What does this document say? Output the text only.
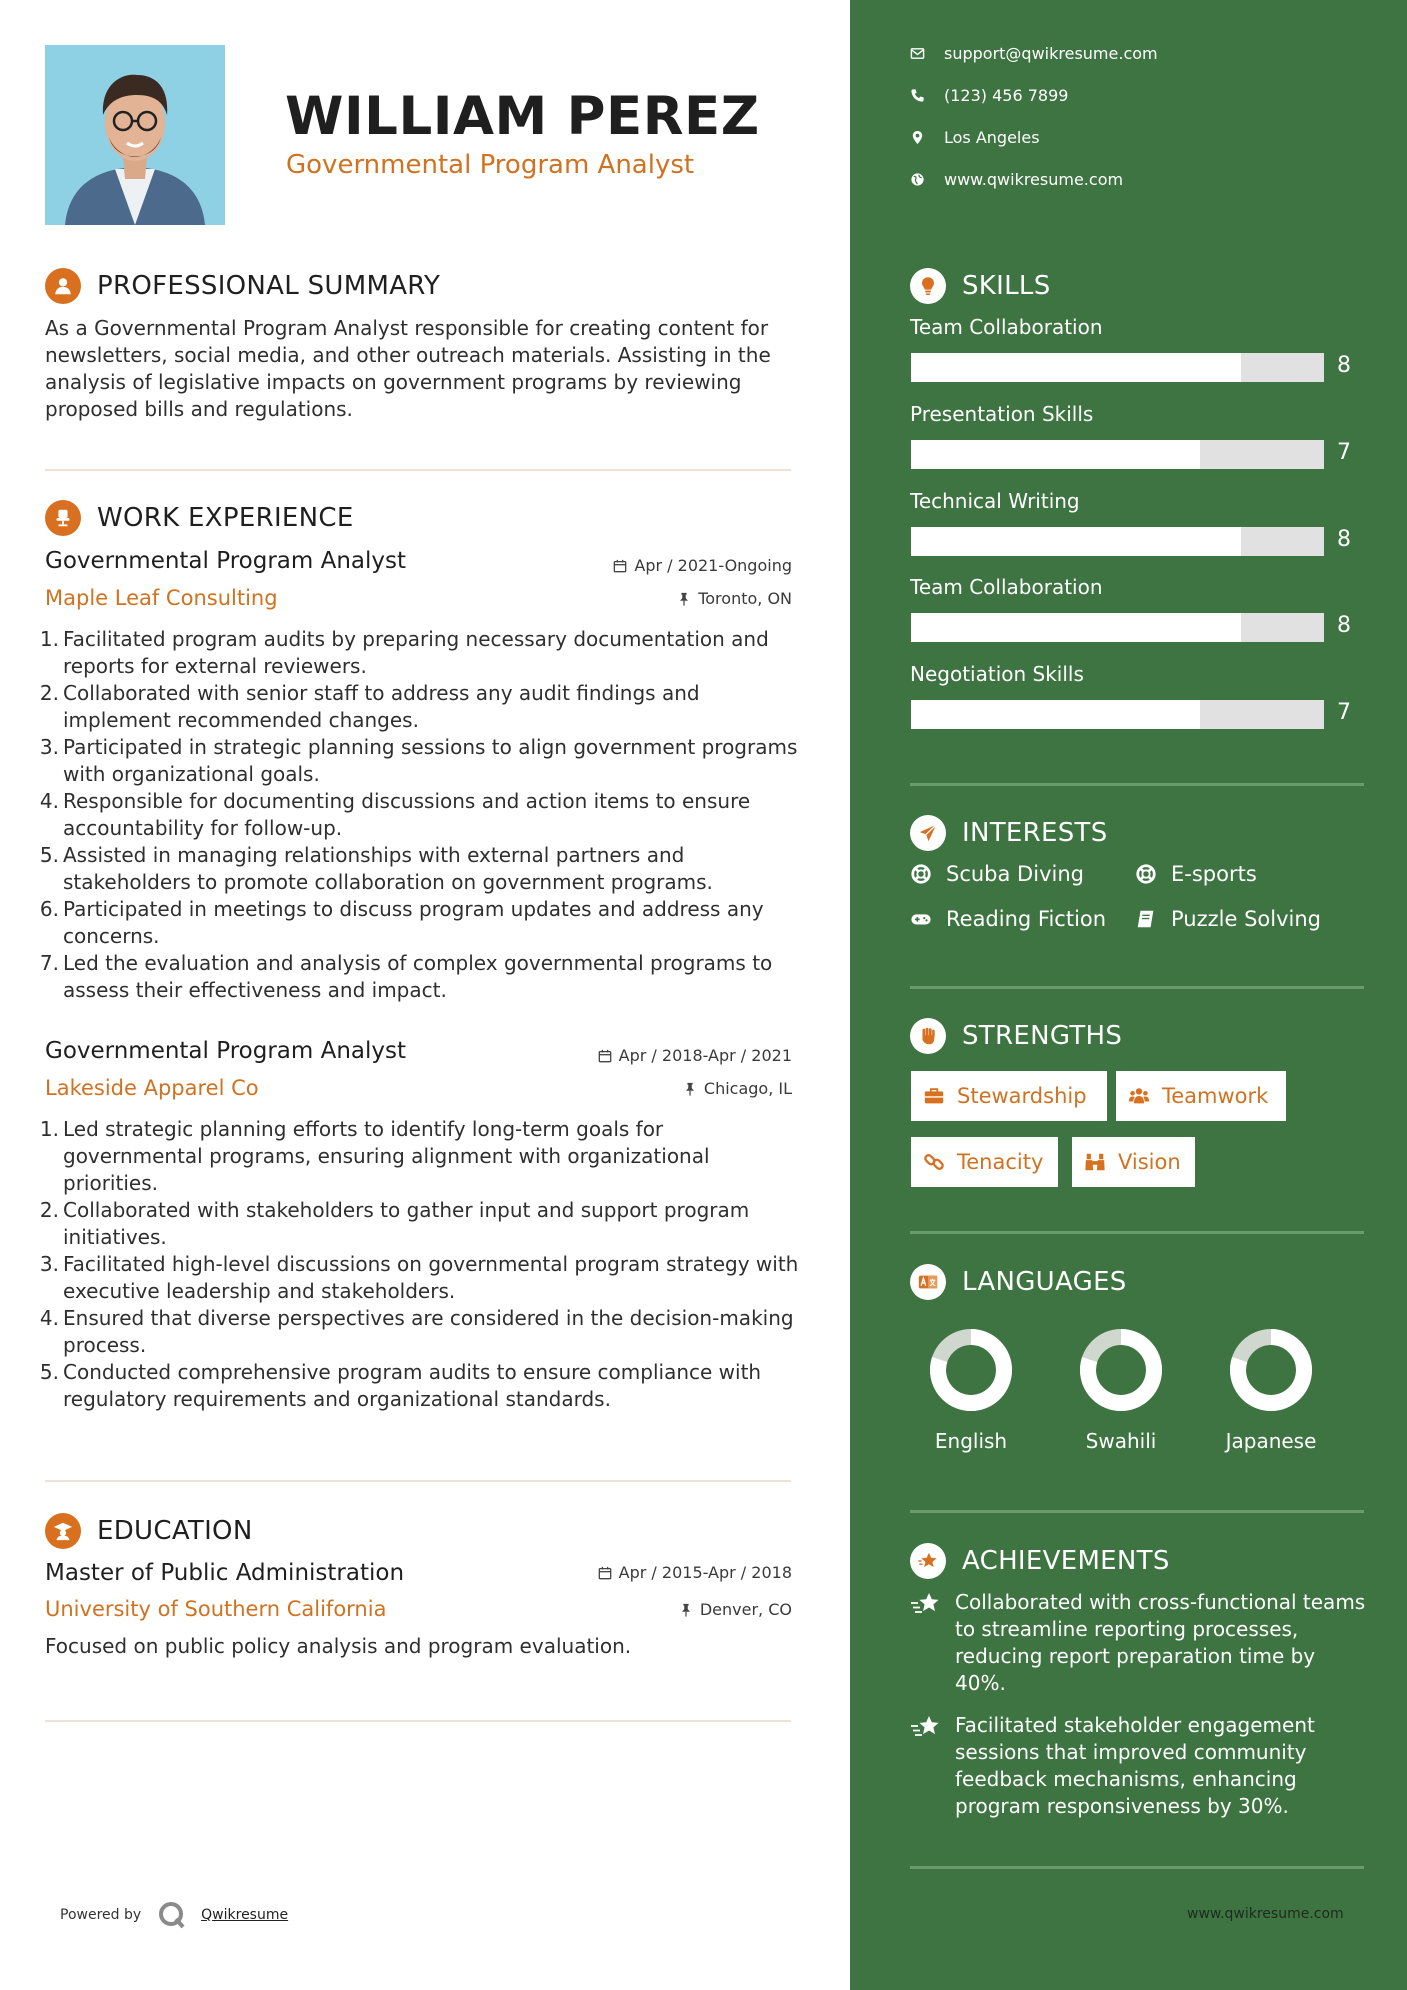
WILLIAM PEREZ
Governmental Program Analyst
PROFESSIONAL SUMMARY
As a Governmental Program Analyst responsible for creating content for newsletters, social media, and other outreach materials. Assisting in the analysis of legislative impacts on government programs by reviewing proposed bills and regulations.
WORK EXPERIENCE
Governmental Program Analyst	Apr / 2021-Ongoing
Maple Leaf Consulting	Toronto, ON
1. Facilitated program audits by preparing necessary documentation and reports for external reviewers.
2. Collaborated with senior staff to address any audit findings and implement recommended changes.
3. Participated in strategic planning sessions to align government programs with organizational goals.
4. Responsible for documenting discussions and action items to ensure accountability for follow-up.
5. Assisted in managing relationships with external partners and stakeholders to promote collaboration on government programs.
6. Participated in meetings to discuss program updates and address any concerns.
7. Led the evaluation and analysis of complex governmental programs to assess their effectiveness and impact.
Governmental Program Analyst	Apr / 2018-Apr / 2021
Lakeside Apparel Co	Chicago, IL
1. Led strategic planning efforts to identify long-term goals for governmental programs, ensuring alignment with organizational priorities.
2. Collaborated with stakeholders to gather input and support program initiatives.
3. Facilitated high-level discussions on governmental program strategy with executive leadership and stakeholders.
4. Ensured that diverse perspectives are considered in the decision-making process.
5. Conducted comprehensive program audits to ensure compliance with regulatory requirements and organizational standards.
EDUCATION
Master of Public Administration	Apr / 2015-Apr / 2018
University of Southern California	Denver, CO
Focused on public policy analysis and program evaluation.
Powered by	Qwikresume
support@qwikresume.com
(123) 456 7899
Los Angeles
www.qwikresume.com
SKILLS
Team Collaboration
8
Presentation Skills
7
Technical Writing
8
Team Collaboration
8
Negotiation Skills
7
INTERESTS
Scuba Diving	E-sports
Reading Fiction	Puzzle Solving
STRENGTHS
Stewardship	Teamwork
Tenacity	Vision
LANGUAGES
English	Swahili	Japanese
ACHIEVEMENTS
Collaborated with cross-functional teams to streamline reporting processes, reducing report preparation time by 40%.
Facilitated stakeholder engagement sessions that improved community feedback mechanisms, enhancing program responsiveness by 30%.
www.qwikresume.com
